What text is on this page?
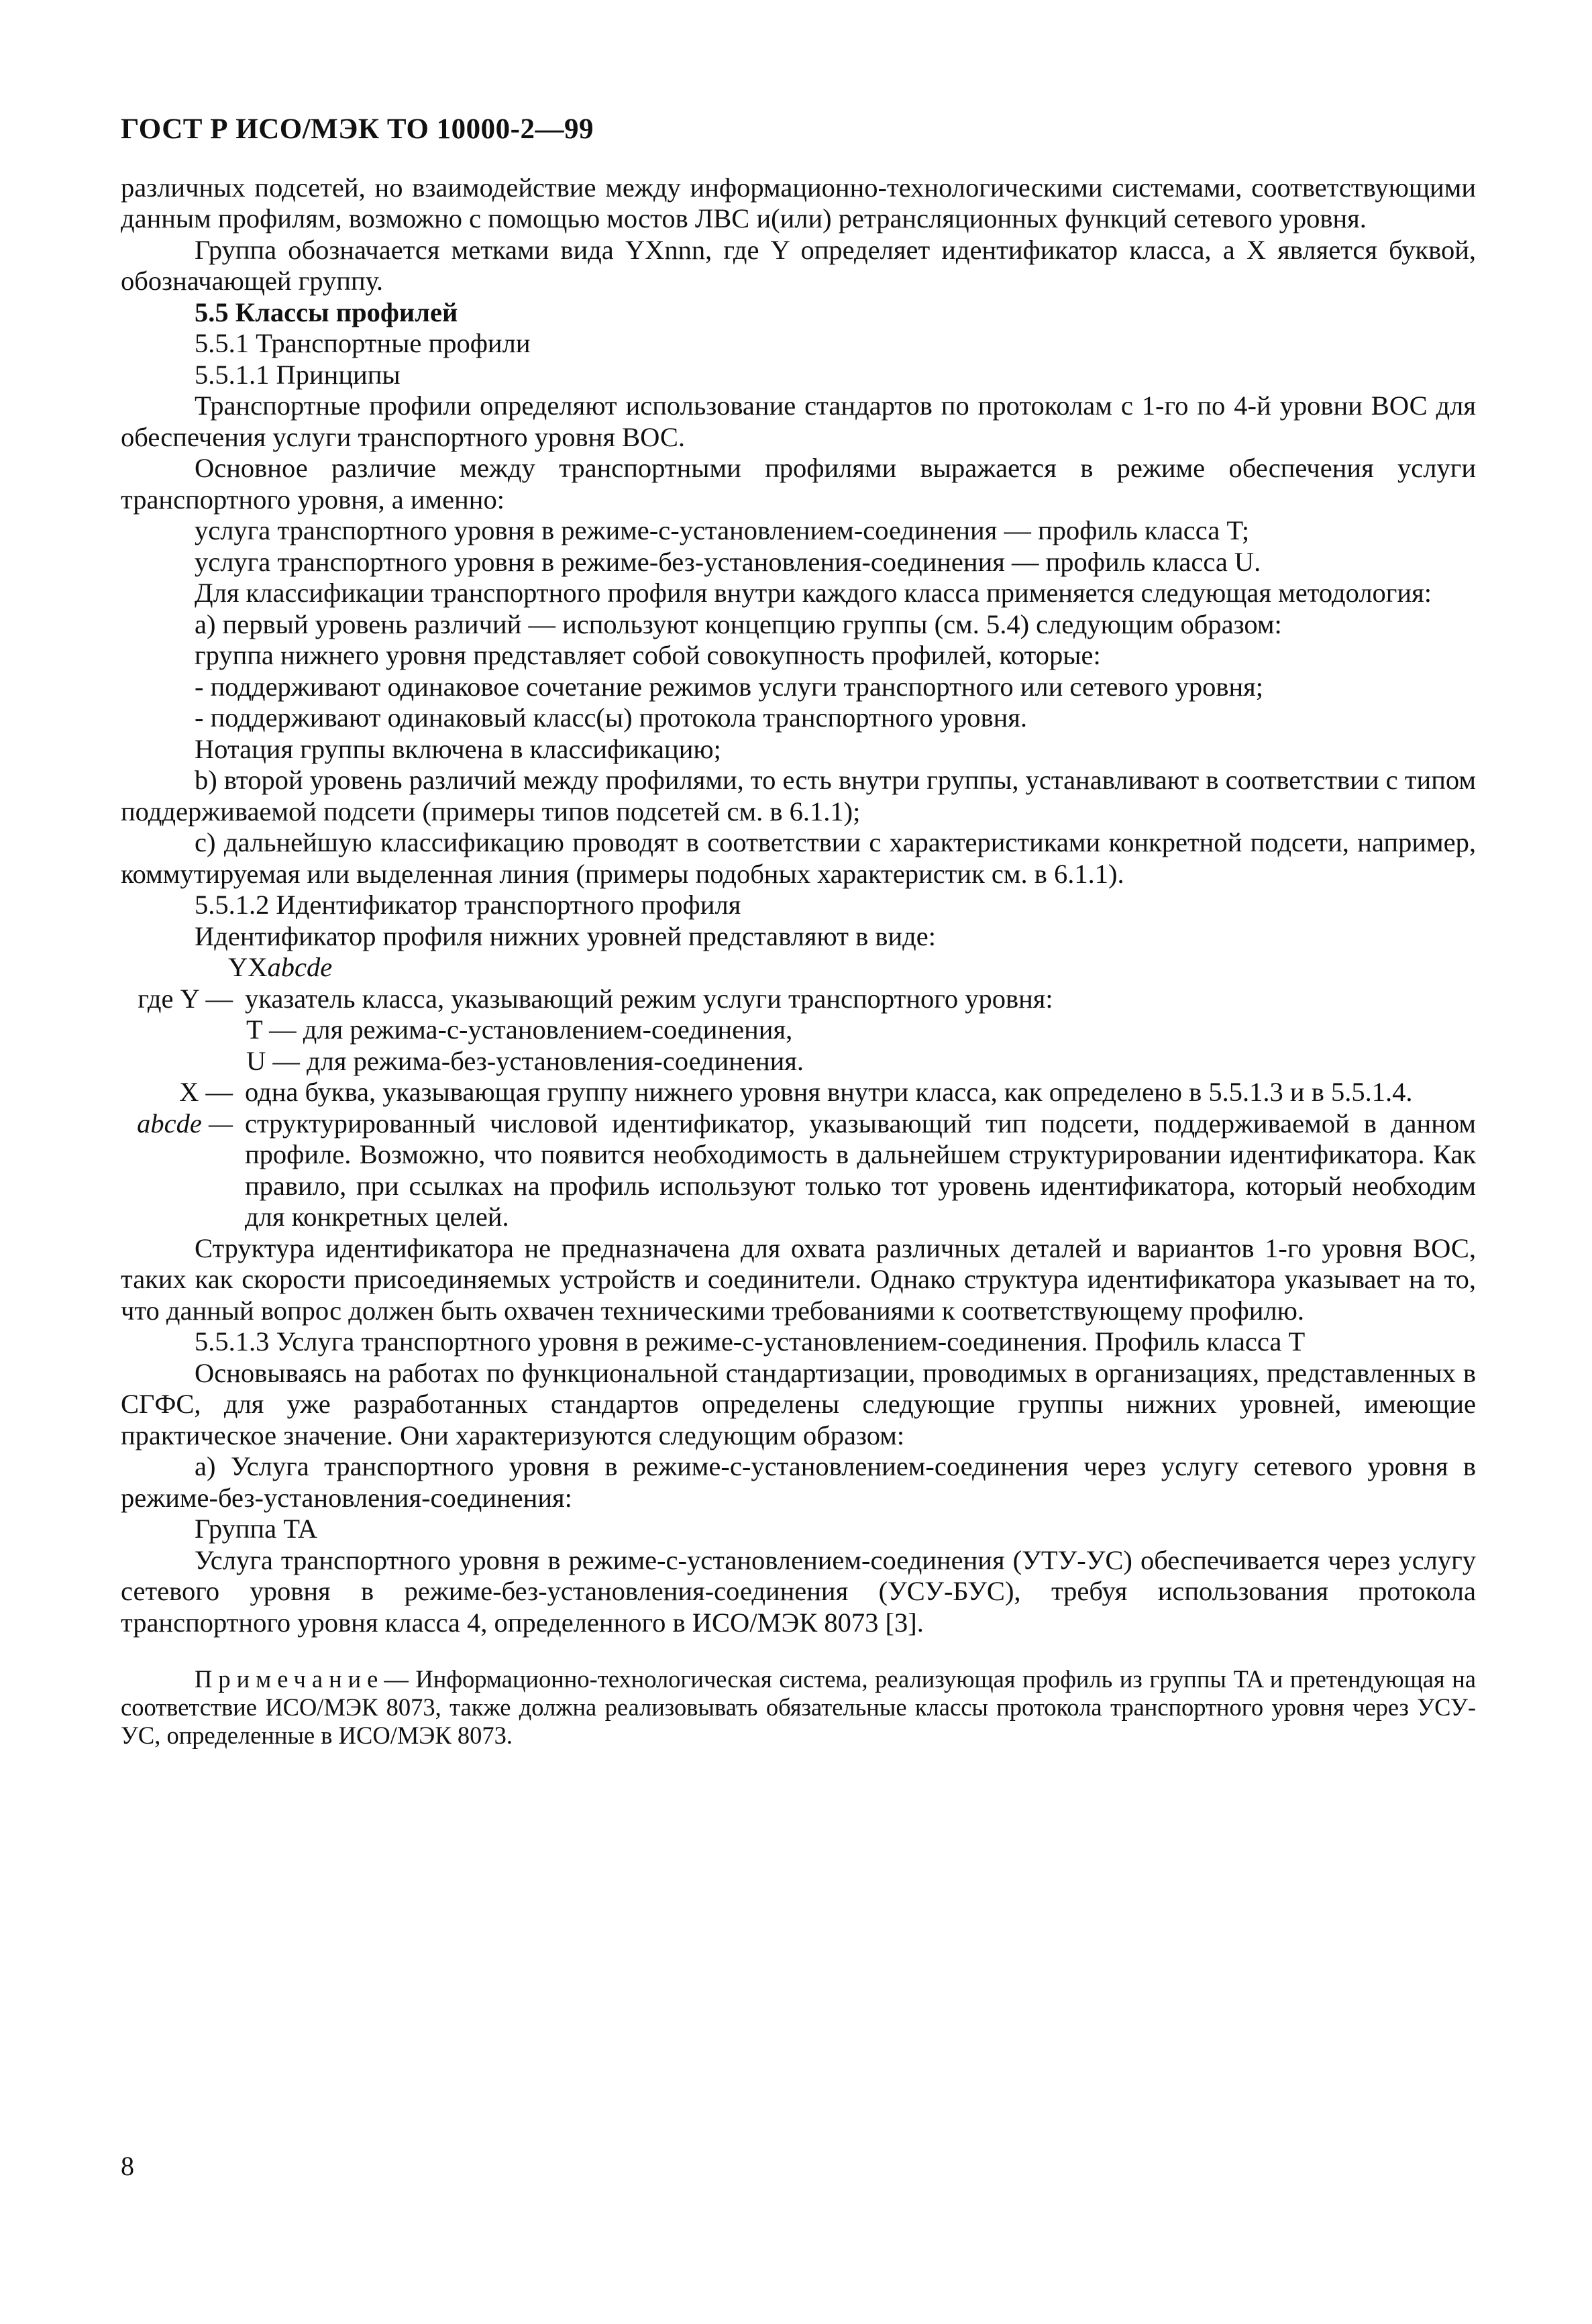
ГОСТ Р ИСО/МЭК ТО 10000-2—99

различных подсетей, но взаимодействие между информационно-технологическими системами, соответствующими данным профилям, возможно с помощью мостов ЛВС и(или) ретрансляционных функций сетевого уровня.

Группа обозначается метками вида YXnnn, где Y определяет идентификатор класса, а X является буквой, обозначающей группу.

5.5 Классы профилей

5.5.1 Транспортные профили

5.5.1.1 Принципы

Транспортные профили определяют использование стандартов по протоколам с 1-го по 4-й уровни ВОС для обеспечения услуги транспортного уровня ВОС.

Основное различие между транспортными профилями выражается в режиме обеспечения услуги транспортного уровня, а именно:

услуга транспортного уровня в режиме-с-установлением-соединения — профиль класса T;

услуга транспортного уровня в режиме-без-установления-соединения — профиль класса U.

Для классификации транспортного профиля внутри каждого класса применяется следующая методология:

а) первый уровень различий — используют концепцию группы (см. 5.4) следующим образом:

группа нижнего уровня представляет собой совокупность профилей, которые:

- поддерживают одинаковое сочетание режимов услуги транспортного или сетевого уровня;

- поддерживают одинаковый класс(ы) протокола транспортного уровня.

Нотация группы включена в классификацию;

b) второй уровень различий между профилями, то есть внутри группы, устанавливают в соответствии с типом поддерживаемой подсети (примеры типов подсетей см. в 6.1.1);

с) дальнейшую классификацию проводят в соответствии с характеристиками конкретной подсети, например, коммутируемая или выделенная линия (примеры подобных характеристик см. в 6.1.1).

5.5.1.2 Идентификатор транспортного профиля

Идентификатор профиля нижних уровней представляют в виде:

YXabcde

где Y — указатель класса, указывающий режим услуги транспортного уровня:
T — для режима-с-установлением-соединения,
U — для режима-без-установления-соединения.
X — одна буква, указывающая группу нижнего уровня внутри класса, как определено в 5.5.1.3 и в 5.5.1.4.
abcde — структурированный числовой идентификатор, указывающий тип подсети, поддерживаемой в данном профиле. Возможно, что появится необходимость в дальнейшем структурировании идентификатора. Как правило, при ссылках на профиль используют только тот уровень идентификатора, который необходим для конкретных целей.

Структура идентификатора не предназначена для охвата различных деталей и вариантов 1-го уровня ВОС, таких как скорости присоединяемых устройств и соединители. Однако структура идентификатора указывает на то, что данный вопрос должен быть охвачен техническими требованиями к соответствующему профилю.

5.5.1.3 Услуга транспортного уровня в режиме-с-установлением-соединения. Профиль класса T

Основываясь на работах по функциональной стандартизации, проводимых в организациях, представленных в СГФС, для уже разработанных стандартов определены следующие группы нижних уровней, имеющие практическое значение. Они характеризуются следующим образом:

а) Услуга транспортного уровня в режиме-с-установлением-соединения через услугу сетевого уровня в режиме-без-установления-соединения:

Группа TA

Услуга транспортного уровня в режиме-с-установлением-соединения (УТУ-УС) обеспечивается через услугу сетевого уровня в режиме-без-установления-соединения (УСУ-БУС), требуя использования протокола транспортного уровня класса 4, определенного в ИСО/МЭК 8073 [3].

Примечание— Информационно-технологическая система, реализующая профиль из группы TA и претендующая на соответствие ИСО/МЭК 8073, также должна реализовывать обязательные классы протокола транспортного уровня через УСУ-УС, определенные в ИСО/МЭК 8073.

8
